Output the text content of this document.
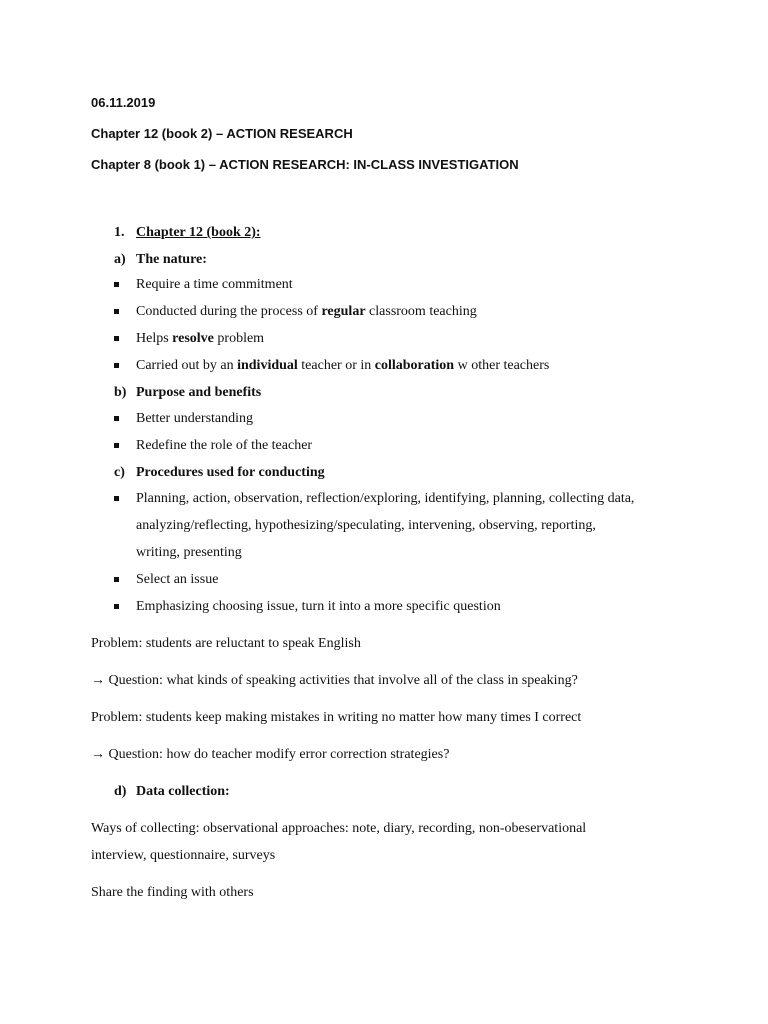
06.11.2019
Chapter 12 (book 2) – ACTION RESEARCH
Chapter 8 (book 1) – ACTION RESEARCH: IN-CLASS INVESTIGATION
1. Chapter 12 (book 2):
a) The nature:
Require a time commitment
Conducted during the process of regular classroom teaching
Helps resolve problem
Carried out by an individual teacher or in collaboration w other teachers
b) Purpose and benefits
Better understanding
Redefine the role of the teacher
c) Procedures used for conducting
Planning, action, observation, reflection/exploring, identifying, planning, collecting data,
analyzing/reflecting, hypothesizing/speculating, intervening, observing, reporting,
writing, presenting
Select an issue
Emphasizing choosing issue, turn it into a more specific question
Problem: students are reluctant to speak English
→ Question: what kinds of speaking activities that involve all of the class in speaking?
Problem: students keep making mistakes in writing no matter how many times I correct
→ Question: how do teacher modify error correction strategies?
d) Data collection:
Ways of collecting: observational approaches: note, diary, recording, non-obeservational
interview, questionnaire, surveys
Share the finding with others
